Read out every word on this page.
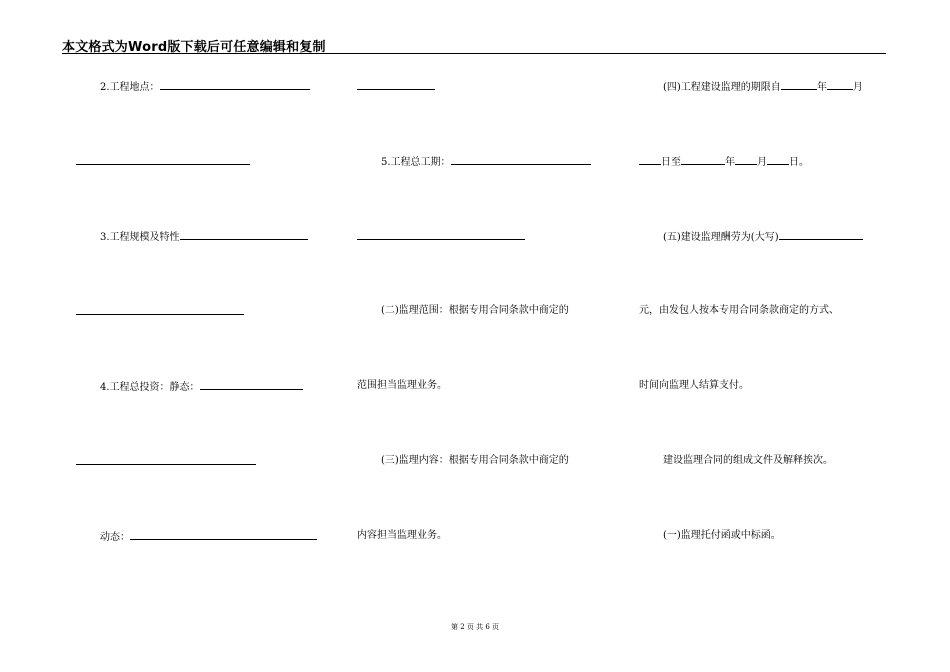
本文格式为Word版下载后可任意编辑和复制
2.工程地点：
3.工程规模及特性
4.工程总投资：静态：
动态：
5.工程总工期：
(二)监理范围：根据专用合同条款中商定的
范围担当监理业务。
(三)监理内容：根据专用合同条款中商定的
内容担当监理业务。
(四)工程建设监理的期限自	年	月
日至	年 月 日。
(五)建设监理酬劳为(大写)
元，由发包人按本专用合同条款商定的方式、
时间向监理人结算支付。
建设监理合同的组成文件及解释挨次。
(一)监理托付函或中标函。
第 2 页 共 6 页
